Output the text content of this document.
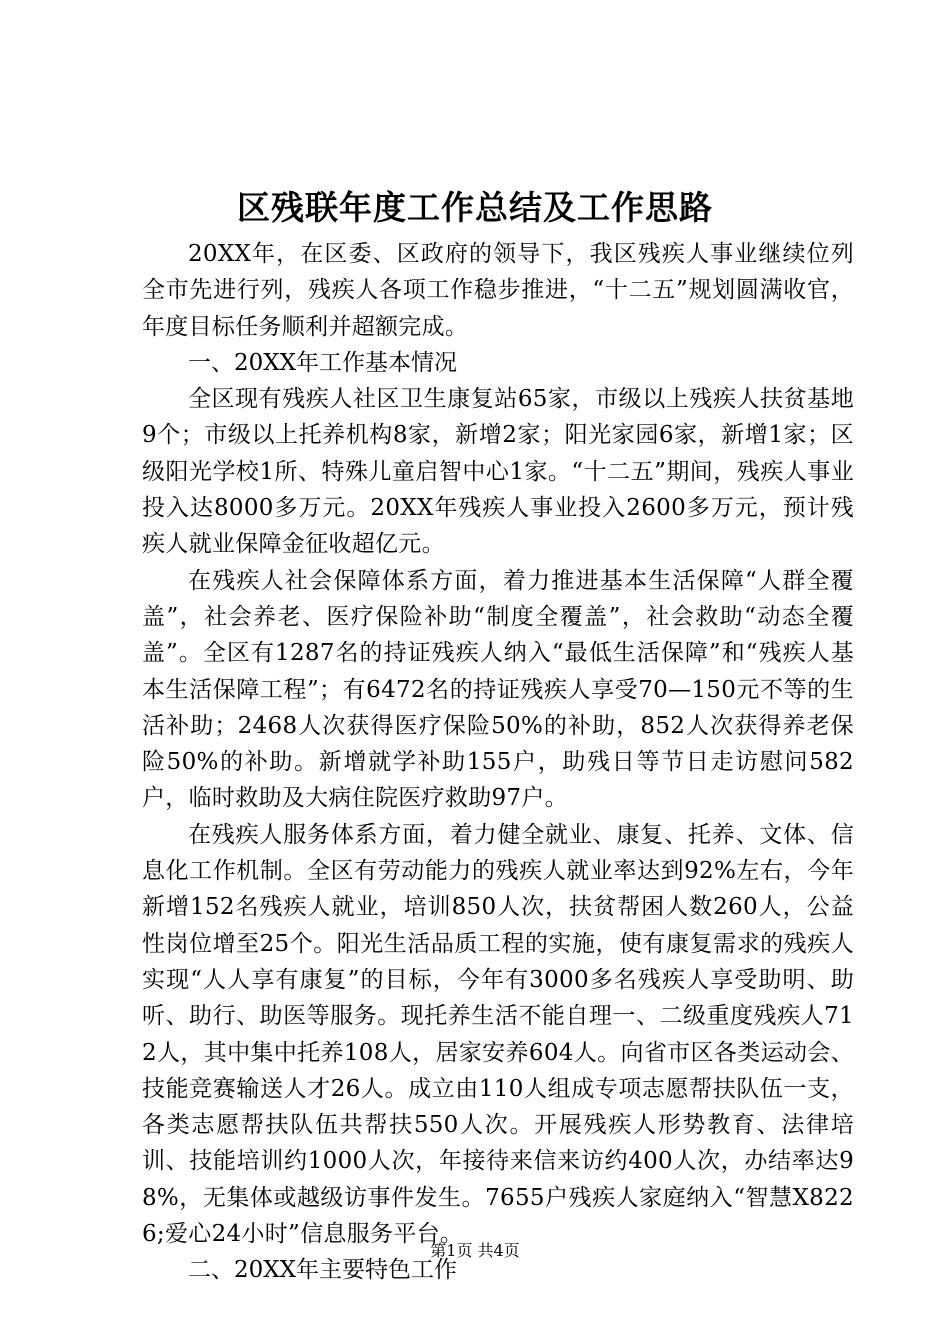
区残联年度工作总结及工作思路

20XX年，在区委、区政府的领导下，我区残疾人事业继续位列全市先进行列，残疾人各项工作稳步推进，“十二五”规划圆满收官，年度目标任务顺利并超额完成。

一、20XX年工作基本情况

全区现有残疾人社区卫生康复站65家，市级以上残疾人扶贫基地9个；市级以上托养机构8家，新增2家；阳光家园6家，新增1家；区级阳光学校1所、特殊儿童启智中心1家。“十二五”期间，残疾人事业投入达8000多万元。20XX年残疾人事业投入2600多万元，预计残疾人就业保障金征收超亿元。

在残疾人社会保障体系方面，着力推进基本生活保障“人群全覆盖”，社会养老、医疗保险补助“制度全覆盖”，社会救助“动态全覆盖”。全区有1287名的持证残疾人纳入“最低生活保障”和“残疾人基本生活保障工程”；有6472名的持证残疾人享受70—150元不等的生活补助；2468人次获得医疗保险50%的补助，852人次获得养老保险50%的补助。新增就学补助155户，助残日等节日走访慰问582户，临时救助及大病住院医疗救助97户。

在残疾人服务体系方面，着力健全就业、康复、托养、文体、信息化工作机制。全区有劳动能力的残疾人就业率达到92%左右，今年新增152名残疾人就业，培训850人次，扶贫帮困人数260人，公益性岗位增至25个。阳光生活品质工程的实施，使有康复需求的残疾人实现“人人享有康复”的目标，今年有3000多名残疾人享受助明、助听、助行、助医等服务。现托养生活不能自理一、二级重度残疾人712人，其中集中托养108人，居家安养604人。向省市区各类运动会、技能竞赛输送人才26人。成立由110人组成专项志愿帮扶队伍一支，各类志愿帮扶队伍共帮扶550人次。开展残疾人形势教育、法律培训、技能培训约1000人次，年接待来信来访约400人次，办结率达98%，无集体或越级访事件发生。7655户残疾人家庭纳入“智慧X8226;爱心24小时”信息服务平台。

二、20XX年主要特色工作

第1页 共4页
